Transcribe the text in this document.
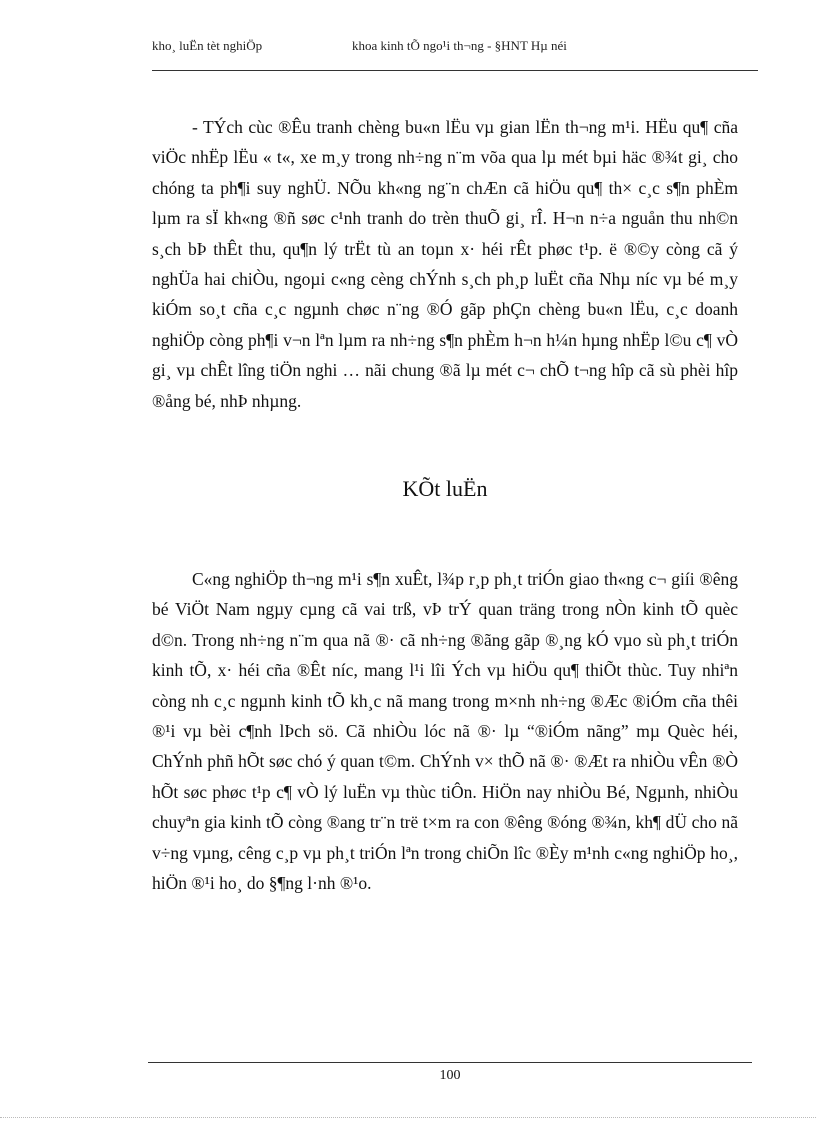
kho¸ luËn tèt nghiÖp	khoa kinh tÕ ngo¹i th¬ng - §HNT Hµ néi

- TÝch cùc ®Êu tranh chèng bu«n lËu vµ gian lËn th¬ng m¹i. HËu qu¶ cña viÖc nhËp lËu « t«, xe m¸y trong nh÷ng n¨m võa qua lµ mét bµi häc ®¾t gi¸ cho chóng ta ph¶i suy nghÜ. NÕu kh«ng ng¨n chÆn cã hiÖu qu¶ th× c¸c s¶n phÈm lµm ra sÏ kh«ng ®ñ søc c¹nh tranh do trèn thuÕ gi¸ rÎ. H¬n n÷a nguån thu nh©n s¸ch bÞ thÊt thu, qu¶n lý trËt tù an toµn x· héi rÊt phøc t¹p. ë ®©y còng cã ý nghÜa hai chiÒu, ngoµi c«ng cèng chÝnh s¸ch ph¸p luËt cña Nhµ níc vµ bé m¸y kiÓm so¸t cña c¸c ngµnh chøc n¨ng ®Ó gãp phÇn chèng bu«n lËu, c¸c doanh nghiÖp còng ph¶i v¬n lªn lµm ra nh÷ng s¶n phÈm h¬n h¼n hµng nhËp l©u c¶ vÒ gi¸ vµ chÊt lîng tiÖn nghi … nãi chung ®ã lµ mét c¬ chÕ t¬ng hîp cã sù phèi hîp ®ång bé, nhÞ nhµng.

KÕt luËn

C«ng nghiÖp th¬ng m¹i s¶n xuÊt, l¾p r¸p ph¸t triÓn giao th«ng c¬ giíi ®êng bé ViÖt Nam ngµy cµng cã vai trß, vÞ trÝ quan träng trong nÒn kinh tÕ quèc d©n. Trong nh÷ng n¨m qua nã ®· cã nh÷ng ®ãng gãp ®¸ng kÓ vµo sù ph¸t triÓn kinh tÕ, x· héi cña ®Êt níc, mang l¹i lîi Ých vµ hiÖu qu¶ thiÕt thùc. Tuy nhiªn còng nh c¸c ngµnh kinh tÕ kh¸c nã mang trong m×nh nh÷ng ®Æc ®iÓm cña thêi ®¹i vµ bèi c¶nh lÞch sö. Cã nhiÒu lóc nã ®· lµ “®iÓm nãng” mµ Quèc héi, ChÝnh phñ hÕt søc chó ý quan t©m. ChÝnh v× thÕ nã ®· ®Æt ra nhiÒu vÊn ®Ò hÕt søc phøc t¹p c¶ vÒ lý luËn vµ thùc tiÔn. HiÖn nay nhiÒu Bé, Ngµnh, nhiÒu chuyªn gia kinh tÕ còng ®ang tr¨n trë t×m ra con ®êng ®óng ®¾n, kh¶ dÜ cho nã v÷ng vµng, cêng c¸p vµ ph¸t triÓn lªn trong chiÕn lîc ®Èy m¹nh c«ng nghiÖp ho¸, hiÖn ®¹i ho¸ do §¶ng l·nh ®¹o.

100
